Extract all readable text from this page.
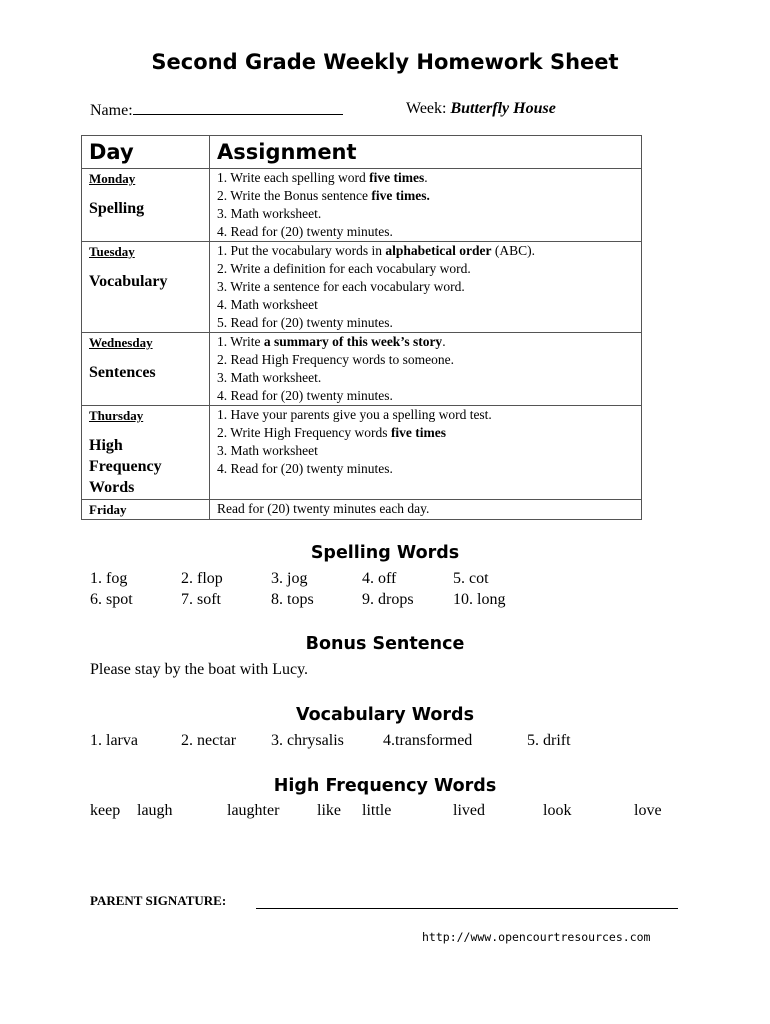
Second Grade Weekly Homework Sheet
Name:	Week: Butterfly House
Day	Assignment

Monday
Spelling	1. Write each spelling word five times.
2. Write the Bonus sentence five times.
3. Math worksheet.
4. Read for (20) twenty minutes.

Tuesday
Vocabulary	1. Put the vocabulary words in alphabetical order (ABC).
2. Write a definition for each vocabulary word.
3. Write a sentence for each vocabulary word.
4. Math worksheet
5. Read for (20) twenty minutes.

Wednesday
Sentences	1. Write a summary of this week’s story.
2. Read High Frequency words to someone.
3. Math worksheet.
4. Read for (20) twenty minutes.

Thursday
High
Frequency
Words	1. Have your parents give you a spelling word test.
2. Write High Frequency words five times
3. Math worksheet
4. Read for (20) twenty minutes.

Friday	Read for (20) twenty minutes each day.
Spelling Words
1. fog	2. flop	3. jog	4. off	5. cot
6. spot	7. soft	8. tops	9. drops 10. long
Bonus Sentence
Please stay by the boat with Lucy.
Vocabulary Words
1. larva	2. nectar 3. chrysalis 4.transformed	5. drift
High Frequency Words
keep laugh	laughter like little	lived	look	love
PARENT SIGNATURE:
http://www.opencourtresources.com
